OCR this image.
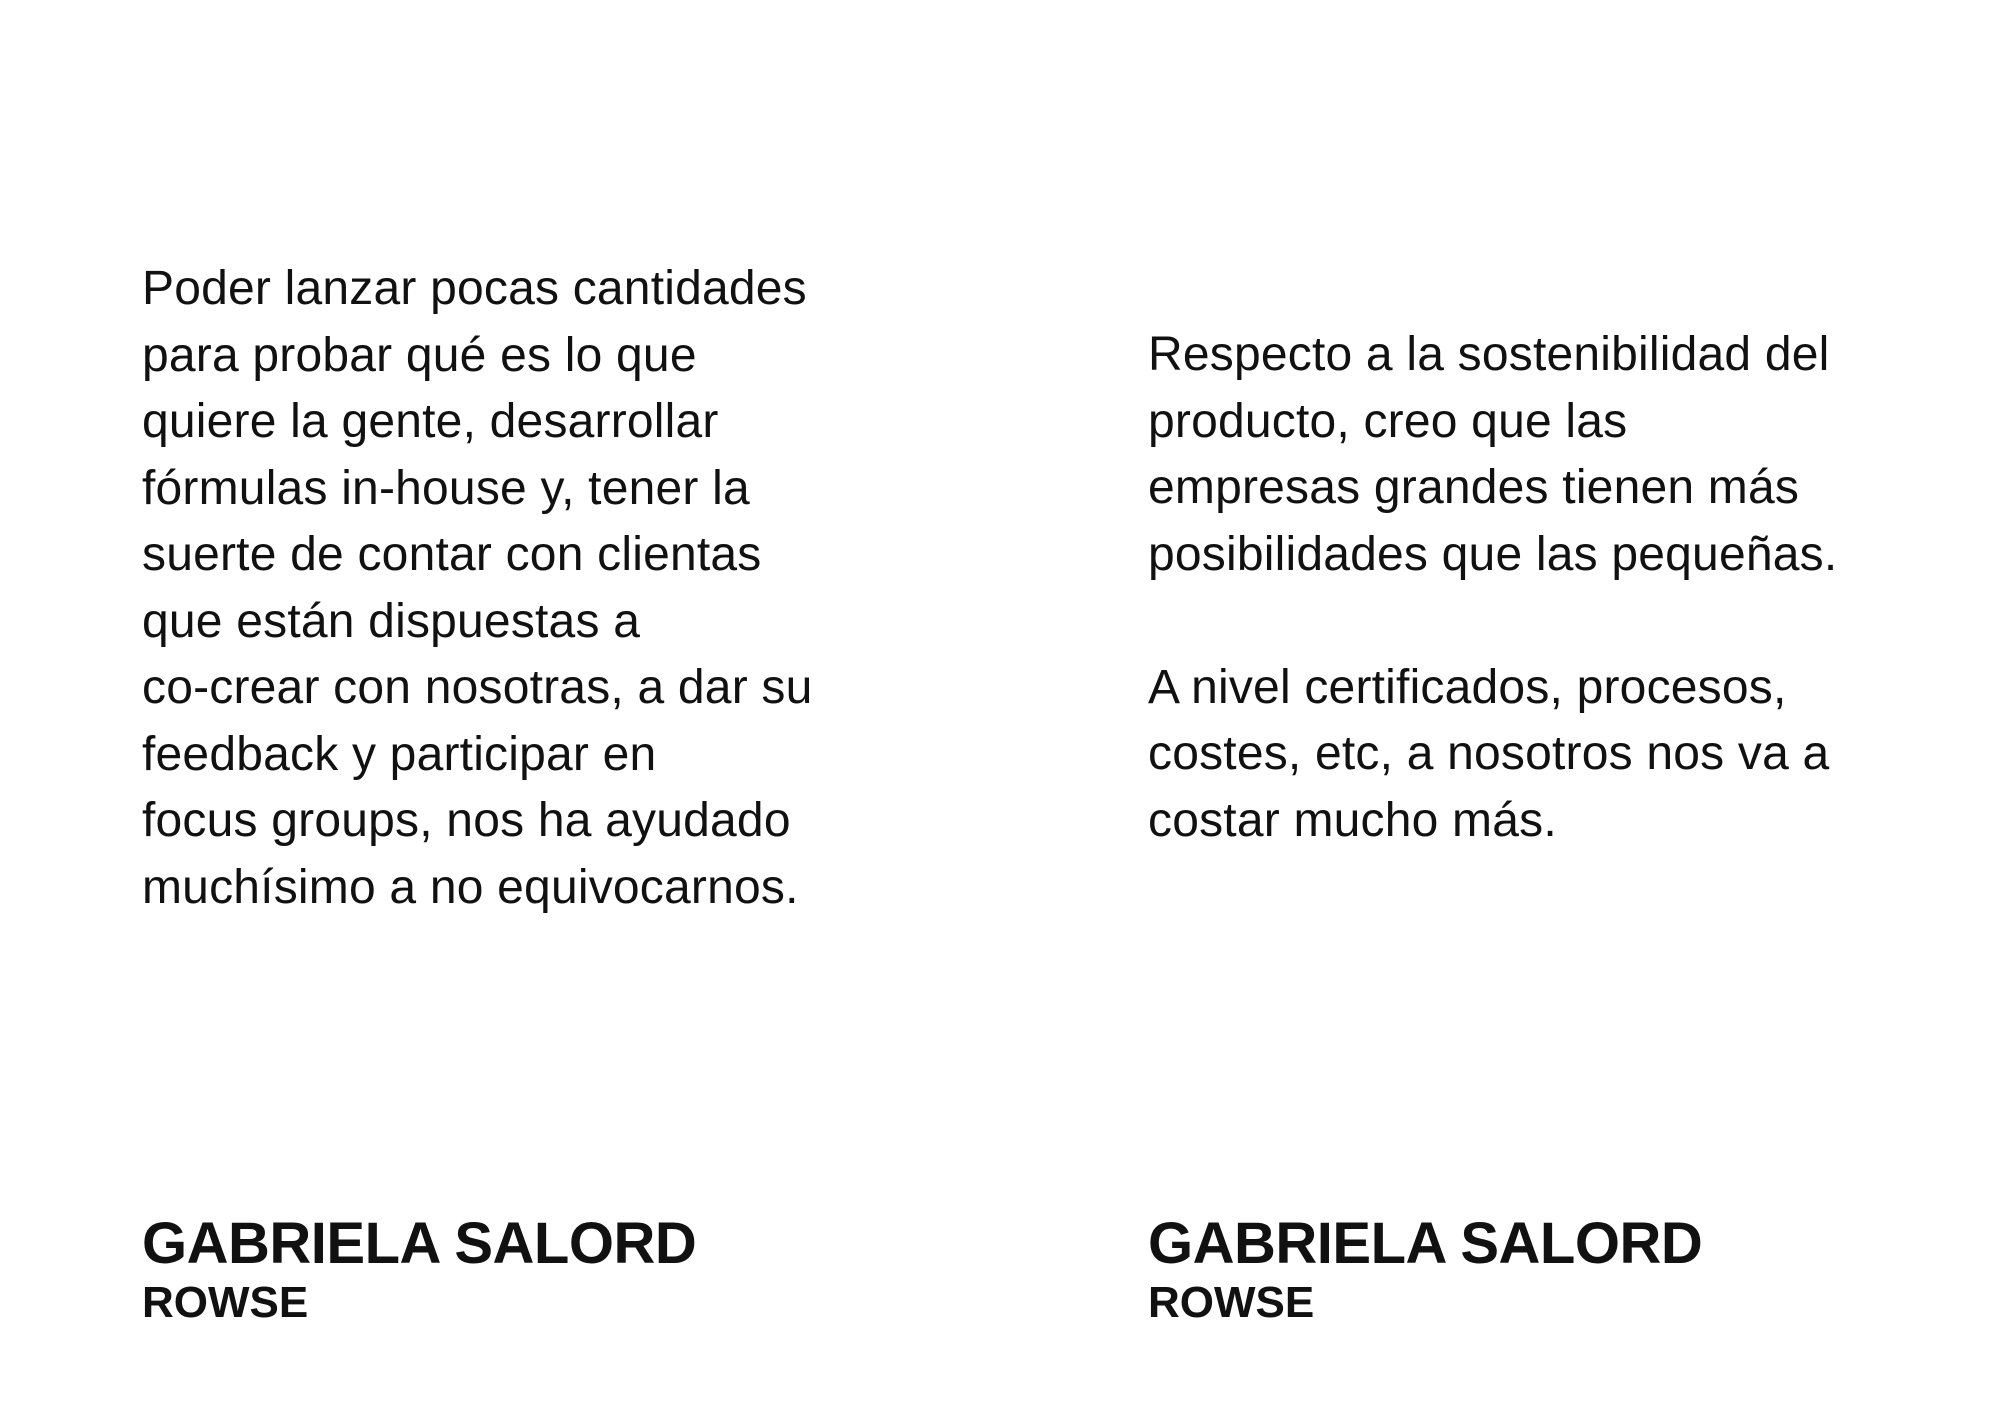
Poder lanzar pocas cantidades
para probar qué es lo que
quiere la gente, desarrollar
fórmulas in-house y, tener la
suerte de contar con clientas
que están dispuestas a
co-crear con nosotras, a dar su
feedback y participar en
focus groups, nos ha ayudado
muchísimo a no equivocarnos.
Respecto a la sostenibilidad del
producto, creo que las
empresas grandes tienen más
posibilidades que las pequeñas.
A nivel certificados, procesos,
costes, etc, a nosotros nos va a
costar mucho más.
GABRIELA SALORD
ROWSE
GABRIELA SALORD
ROWSE
